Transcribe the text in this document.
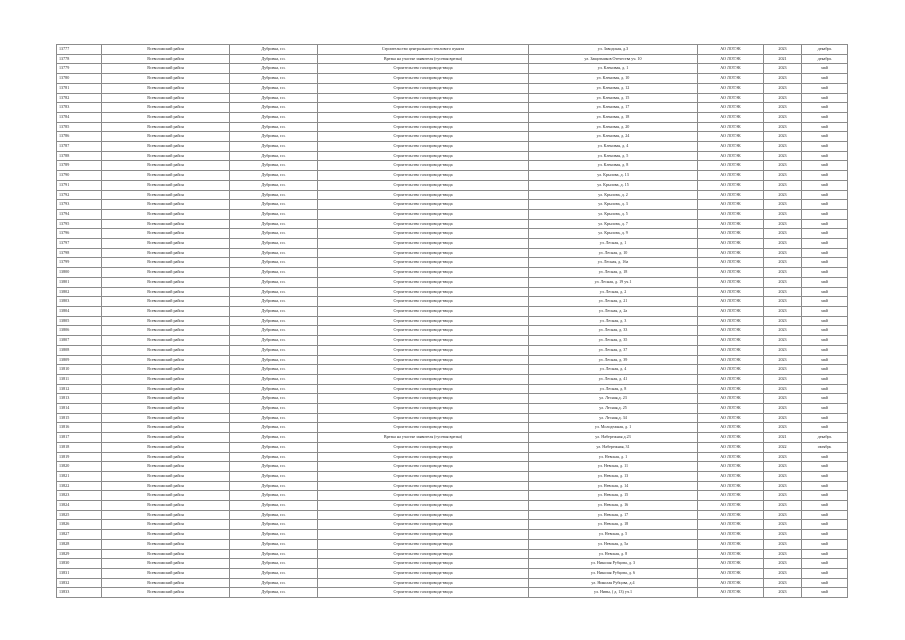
13777	Всеволожский район	Дубровка, г.п.	Строительство центрального теплового пункта	ул. Заводская, д.3	АО ЛОТЭК	2023	декабрь
13778	Всеволожский район	Дубровка, г.п.	Врезка на участке заявителя (гусевая врезка)	ул. Защитников Отечества уч. 10	АО ЛОТЭК	2021	декабрь
13779	Всеволожский район	Дубровка, г.п.	Строительство газопровода-ввода	ул. Кленовая, д. 1	АО ЛОТЭК	2023	май
13780	Всеволожский район	Дубровка, г.п.	Строительство газопровода-ввода	ул. Кленовая, д. 10	АО ЛОТЭК	2023	май
13781	Всеволожский район	Дубровка, г.п.	Строительство газопровода-ввода	ул. Кленовая, д. 12	АО ЛОТЭК	2023	май
13782	Всеволожский район	Дубровка, г.п.	Строительство газопровода-ввода	ул. Кленовая, д. 15	АО ЛОТЭК	2023	май
13783	Всеволожский район	Дубровка, г.п.	Строительство газопровода-ввода	ул. Кленовая, д. 17	АО ЛОТЭК	2023	май
13784	Всеволожский район	Дубровка, г.п.	Строительство газопровода-ввода	ул. Кленовая, д. 18	АО ЛОТЭК	2023	май
13785	Всеволожский район	Дубровка, г.п.	Строительство газопровода-ввода	ул. Кленовая, д. 20	АО ЛОТЭК	2023	май
13786	Всеволожский район	Дубровка, г.п.	Строительство газопровода-ввода	ул. Кленовая, д. 24	АО ЛОТЭК	2023	май
13787	Всеволожский район	Дубровка, г.п.	Строительство газопровода-ввода	ул. Кленовая, д. 4	АО ЛОТЭК	2023	май
13788	Всеволожский район	Дубровка, г.п.	Строительство газопровода-ввода	ул. Кленовая, д. 5	АО ЛОТЭК	2023	май
13789	Всеволожский район	Дубровка, г.п.	Строительство газопровода-ввода	ул. Кленовая, д. 8	АО ЛОТЭК	2023	май
13790	Всеволожский район	Дубровка, г.п.	Строительство газопровода-ввода	ул. Крылова, д. 13	АО ЛОТЭК	2023	май
13791	Всеволожский район	Дубровка, г.п.	Строительство газопровода-ввода	ул. Крылова, д. 15	АО ЛОТЭК	2023	май
13792	Всеволожский район	Дубровка, г.п.	Строительство газопровода-ввода	ул. Крылова, д. 2	АО ЛОТЭК	2023	май
13793	Всеволожский район	Дубровка, г.п.	Строительство газопровода-ввода	ул. Крылова, д. 3	АО ЛОТЭК	2023	май
13794	Всеволожский район	Дубровка, г.п.	Строительство газопровода-ввода	ул. Крылова, д. 5	АО ЛОТЭК	2023	май
13795	Всеволожский район	Дубровка, г.п.	Строительство газопровода-ввода	ул. Крылова, д. 7	АО ЛОТЭК	2023	май
13796	Всеволожский район	Дубровка, г.п.	Строительство газопровода-ввода	ул. Крылова, д. 9	АО ЛОТЭК	2023	май
13797	Всеволожский район	Дубровка, г.п.	Строительство газопровода-ввода	ул. Лесная, д. 1	АО ЛОТЭК	2023	май
13798	Всеволожский район	Дубровка, г.п.	Строительство газопровода-ввода	ул. Лесная, д. 10	АО ЛОТЭК	2023	май
13799	Всеволожский район	Дубровка, г.п.	Строительство газопровода-ввода	ул. Лесная, д. 16а	АО ЛОТЭК	2023	май
13800	Всеволожский район	Дубровка, г.п.	Строительство газопровода-ввода	ул. Лесная, д. 18	АО ЛОТЭК	2023	май
13801	Всеволожский район	Дубровка, г.п.	Строительство газопровода-ввода	ул. Лесная, д. 19 уч.1	АО ЛОТЭК	2023	май
13802	Всеволожский район	Дубровка, г.п.	Строительство газопровода-ввода	ул. Лесная, д. 2	АО ЛОТЭК	2023	май
13803	Всеволожский район	Дубровка, г.п.	Строительство газопровода-ввода	ул. Лесная, д. 21	АО ЛОТЭК	2023	май
13804	Всеволожский район	Дубровка, г.п.	Строительство газопровода-ввода	ул. Лесная, д. 2а	АО ЛОТЭК	2023	май
13805	Всеволожский район	Дубровка, г.п.	Строительство газопровода-ввода	ул. Лесная, д. 3	АО ЛОТЭК	2023	май
13806	Всеволожский район	Дубровка, г.п.	Строительство газопровода-ввода	ул. Лесная, д. 33	АО ЛОТЭК	2023	май
13807	Всеволожский район	Дубровка, г.п.	Строительство газопровода-ввода	ул. Лесная, д. 35	АО ЛОТЭК	2023	май
13808	Всеволожский район	Дубровка, г.п.	Строительство газопровода-ввода	ул. Лесная, д. 37	АО ЛОТЭК	2023	май
13809	Всеволожский район	Дубровка, г.п.	Строительство газопровода-ввода	ул. Лесная, д. 39	АО ЛОТЭК	2023	май
13810	Всеволожский район	Дубровка, г.п.	Строительство газопровода-ввода	ул. Лесная, д. 4	АО ЛОТЭК	2023	май
13811	Всеволожский район	Дубровка, г.п.	Строительство газопровода-ввода	ул. Лесная, д. 41	АО ЛОТЭК	2023	май
13812	Всеволожский район	Дубровка, г.п.	Строительство газопровода-ввода	ул. Лесная, д. 8	АО ЛОТЭК	2023	май
13813	Всеволожский район	Дубровка, г.п.	Строительство газопровода-ввода	ул. Лесная,д. 23	АО ЛОТЭК	2023	май
13814	Всеволожский район	Дубровка, г.п.	Строительство газопровода-ввода	ул. Лесная,д. 25	АО ЛОТЭК	2023	май
13815	Всеволожский район	Дубровка, г.п.	Строительство газопровода-ввода	ул. Лесная,д. 34	АО ЛОТЭК	2023	май
13816	Всеволожский район	Дубровка, г.п.	Строительство газопровода-ввода	ул. Молодежная, д. 1	АО ЛОТЭК	2023	май
13817	Всеволожский район	Дубровка, г.п.	Врезка на участке заявителя (гусевая врезка)	ул. Набережная д.23	АО ЛОТЭК	2021	декабрь
13818	Всеволожский район	Дубровка, г.п.	Строительство газопровода-ввода	ул. Набережная, 31	АО ЛОТЭК	2022	октябрь
13819	Всеволожский район	Дубровка, г.п.	Строительство газопровода-ввода	ул. Невская, д. 1	АО ЛОТЭК	2023	май
13820	Всеволожский район	Дубровка, г.п.	Строительство газопровода-ввода	ул. Невская, д. 11	АО ЛОТЭК	2023	май
13821	Всеволожский район	Дубровка, г.п.	Строительство газопровода-ввода	ул. Невская, д. 13	АО ЛОТЭК	2023	май
13822	Всеволожский район	Дубровка, г.п.	Строительство газопровода-ввода	ул. Невская, д. 14	АО ЛОТЭК	2023	май
13823	Всеволожский район	Дубровка, г.п.	Строительство газопровода-ввода	ул. Невская, д. 15	АО ЛОТЭК	2023	май
13824	Всеволожский район	Дубровка, г.п.	Строительство газопровода-ввода	ул. Невская, д. 16	АО ЛОТЭК	2023	май
13825	Всеволожский район	Дубровка, г.п.	Строительство газопровода-ввода	ул. Невская, д. 17	АО ЛОТЭК	2023	май
13826	Всеволожский район	Дубровка, г.п.	Строительство газопровода-ввода	ул. Невская, д. 18	АО ЛОТЭК	2023	май
13827	Всеволожский район	Дубровка, г.п.	Строительство газопровода-ввода	ул. Невская, д. 5	АО ЛОТЭК	2023	май
13828	Всеволожский район	Дубровка, г.п.	Строительство газопровода-ввода	ул. Невская, д. 5а	АО ЛОТЭК	2023	май
13829	Всеволожский район	Дубровка, г.п.	Строительство газопровода-ввода	ул. Невская, д. 8	АО ЛОТЭК	2023	май
13830	Всеволожский район	Дубровка, г.п.	Строительство газопровода-ввода	ул. Николая Рубцова, д. 3	АО ЛОТЭК	2023	май
13831	Всеволожский район	Дубровка, г.п.	Строительство газопровода-ввода	ул. Николая Рубцова, д. 6	АО ЛОТЭК	2023	май
13832	Всеволожский район	Дубровка, г.п.	Строительство газопровода-ввода	ул. Николая Рубцова, д.4	АО ЛОТЭК	2023	май
13833	Всеволожский район	Дубровка, г.п.	Строительство газопровода-ввода	ул. Нивы, ( д. 13) уч.1	АО ЛОТЭК	2023	май
